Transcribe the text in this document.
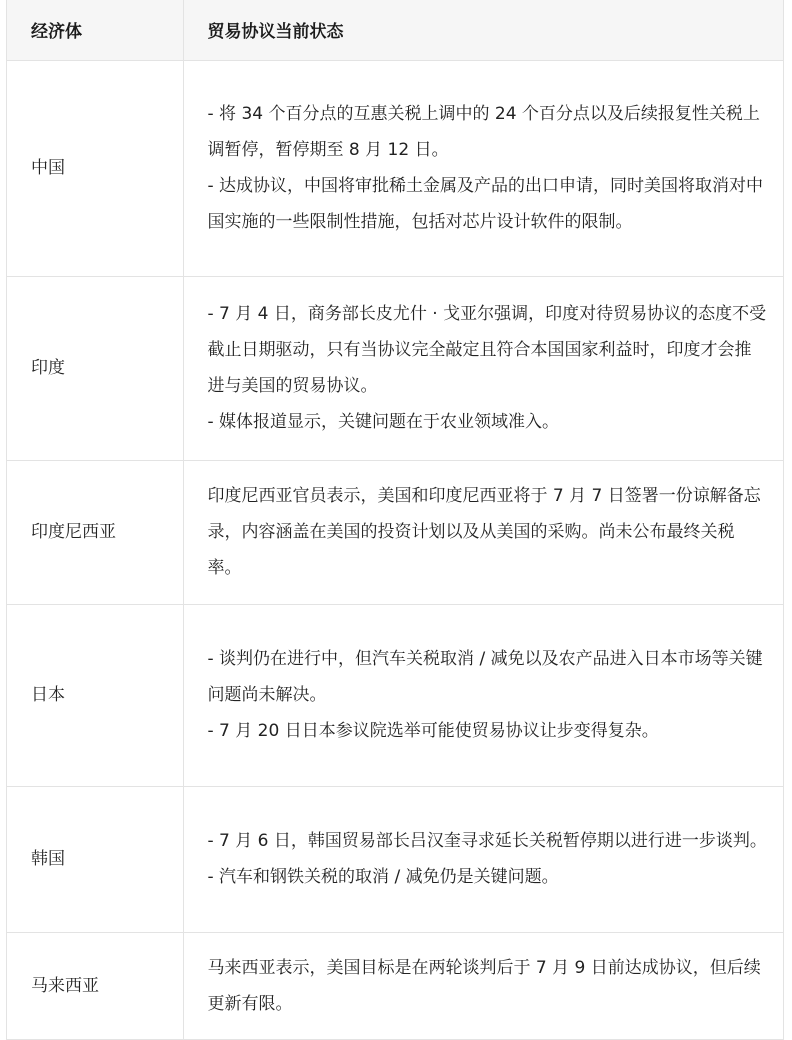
经济体	贸易协议当前状态
中国	- 将 34 个百分点的互惠关税上调中的 24 个百分点以及后续报复性关税上调暂停，暂停期至 8 月 12 日。
- 达成协议，中国将审批稀土金属及产品的出口申请，同时美国将取消对中国实施的一些限制性措施，包括对芯片设计软件的限制。

印度	- 7 月 4 日，商务部长皮尤什 · 戈亚尔强调，印度对待贸易协议的态度不受截止日期驱动，只有当协议完全敲定且符合本国国家利益时，印度才会推进与美国的贸易协议。
- 媒体报道显示，关键问题在于农业领域准入。

印度尼西亚	印度尼西亚官员表示，美国和印度尼西亚将于 7 月 7 日签署一份谅解备忘录，内容涵盖在美国的投资计划以及从美国的采购。尚未公布最终关税率。

日本	- 谈判仍在进行中，但汽车关税取消 / 减免以及农产品进入日本市场等关键问题尚未解决。
- 7 月 20 日日本参议院选举可能使贸易协议让步变得复杂。

韩国	- 7 月 6 日，韩国贸易部长吕汉奎寻求延长关税暂停期以进行进一步谈判。
- 汽车和钢铁关税的取消 / 减免仍是关键问题。

马来西亚	马来西亚表示，美国目标是在两轮谈判后于 7 月 9 日前达成协议，但后续更新有限。
